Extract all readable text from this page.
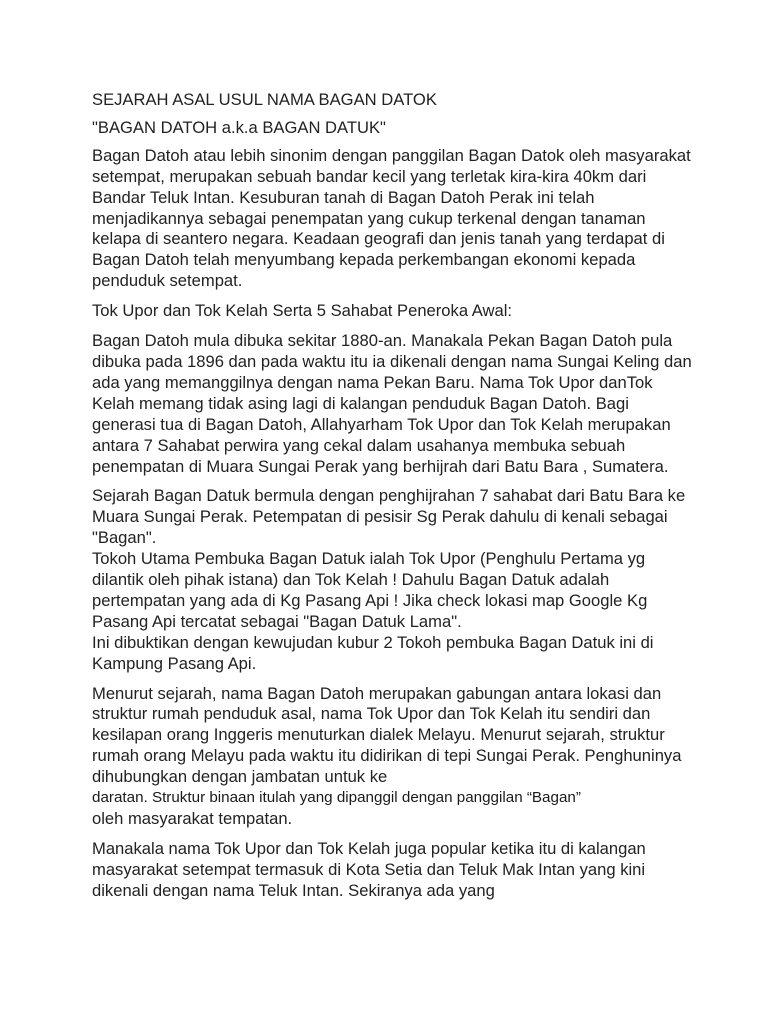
SEJARAH ASAL USUL NAMA BAGAN DATOK
"BAGAN DATOH a.k.a BAGAN DATUK"
Bagan Datoh atau lebih sinonim dengan panggilan Bagan Datok oleh masyarakat setempat, merupakan sebuah bandar kecil yang terletak kira-kira 40km dari Bandar Teluk Intan. Kesuburan tanah di Bagan Datoh Perak ini telah menjadikannya sebagai penempatan yang cukup terkenal dengan tanaman kelapa di seantero negara. Keadaan geografi dan jenis tanah yang terdapat di Bagan Datoh telah menyumbang kepada perkembangan ekonomi kepada penduduk setempat.
Tok Upor dan Tok Kelah Serta 5 Sahabat Peneroka Awal:
Bagan Datoh mula dibuka sekitar 1880-an. Manakala Pekan Bagan Datoh pula dibuka pada 1896 dan pada waktu itu ia dikenali dengan nama Sungai Keling dan ada yang memanggilnya dengan nama Pekan Baru. Nama Tok Upor danTok Kelah memang tidak asing lagi di kalangan penduduk Bagan Datoh. Bagi generasi tua di Bagan Datoh, Allahyarham Tok Upor dan Tok Kelah merupakan antara 7 Sahabat perwira yang cekal dalam usahanya membuka sebuah penempatan di Muara Sungai Perak yang berhijrah dari Batu Bara , Sumatera.
Sejarah Bagan Datuk bermula dengan penghijrahan 7 sahabat dari Batu Bara ke Muara Sungai Perak. Petempatan di pesisir Sg Perak dahulu di kenali sebagai "Bagan".
Tokoh Utama Pembuka Bagan Datuk ialah Tok Upor (Penghulu Pertama yg dilantik oleh pihak istana) dan Tok Kelah ! Dahulu Bagan Datuk adalah pertempatan yang ada di Kg Pasang Api ! Jika check lokasi map Google Kg Pasang Api tercatat sebagai "Bagan Datuk Lama".
Ini dibuktikan dengan kewujudan kubur 2 Tokoh pembuka Bagan Datuk ini di Kampung Pasang Api.
Menurut sejarah, nama Bagan Datoh merupakan gabungan antara lokasi dan struktur rumah penduduk asal, nama Tok Upor dan Tok Kelah itu sendiri dan kesilapan orang Inggeris menuturkan dialek Melayu. Menurut sejarah, struktur rumah orang Melayu pada waktu itu didirikan di tepi Sungai Perak. Penghuninya dihubungkan dengan jambatan untuk ke
daratan. Struktur binaan itulah yang dipanggil dengan panggilan “Bagan”
oleh masyarakat tempatan.
Manakala nama Tok Upor dan Tok Kelah juga popular ketika itu di kalangan masyarakat setempat termasuk di Kota Setia dan Teluk Mak Intan yang kini dikenali dengan nama Teluk Intan. Sekiranya ada yang
